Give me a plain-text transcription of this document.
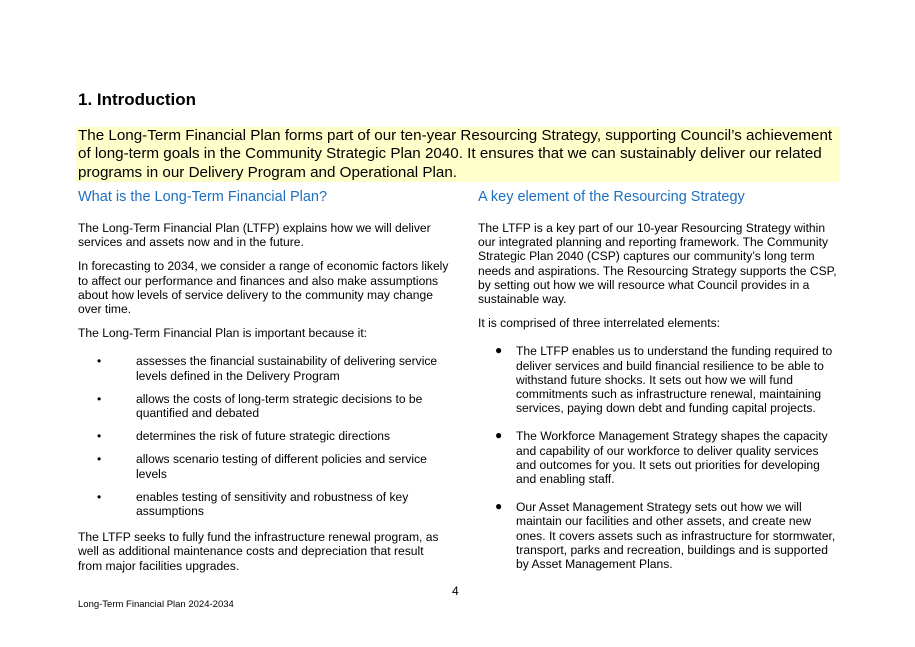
1. Introduction
The Long-Term Financial Plan forms part of our ten-year Resourcing Strategy, supporting Council’s achievement of long-term goals in the Community Strategic Plan 2040. It ensures that we can sustainably deliver our related programs in our Delivery Program and Operational Plan.
What is the Long-Term Financial Plan?

The Long-Term Financial Plan (LTFP) explains how we will deliver services and assets now and in the future.

In forecasting to 2034, we consider a range of economic factors likely to affect our performance and finances and also make assumptions about how levels of service delivery to the community may change over time.

The Long-Term Financial Plan is important because it:

•	assesses the financial sustainability of delivering service levels defined in the Delivery Program
•	allows the costs of long-term strategic decisions to be quantified and debated
•	determines the risk of future strategic directions
•	allows scenario testing of different policies and service levels
•	enables testing of sensitivity and robustness of key assumptions

The LTFP seeks to fully fund the infrastructure renewal program, as well as additional maintenance costs and depreciation that result from major facilities upgrades.

A key element of the Resourcing Strategy

The LTFP is a key part of our 10-year Resourcing Strategy within our integrated planning and reporting framework. The Community Strategic Plan 2040 (CSP) captures our community’s long term needs and aspirations. The Resourcing Strategy supports the CSP, by setting out how we will resource what Council provides in a sustainable way.

It is comprised of three interrelated elements:

● The LTFP enables us to understand the funding required to deliver services and build financial resilience to be able to withstand future shocks. It sets out how we will fund commitments such as infrastructure renewal, maintaining services, paying down debt and funding capital projects.
● The Workforce Management Strategy shapes the capacity and capability of our workforce to deliver quality services and outcomes for you. It sets out priorities for developing and enabling staff.
● Our Asset Management Strategy sets out how we will maintain our facilities and other assets, and create new ones. It covers assets such as infrastructure for stormwater, transport, parks and recreation, buildings and is supported by Asset Management Plans.
4
Long-Term Financial Plan 2024-2034
